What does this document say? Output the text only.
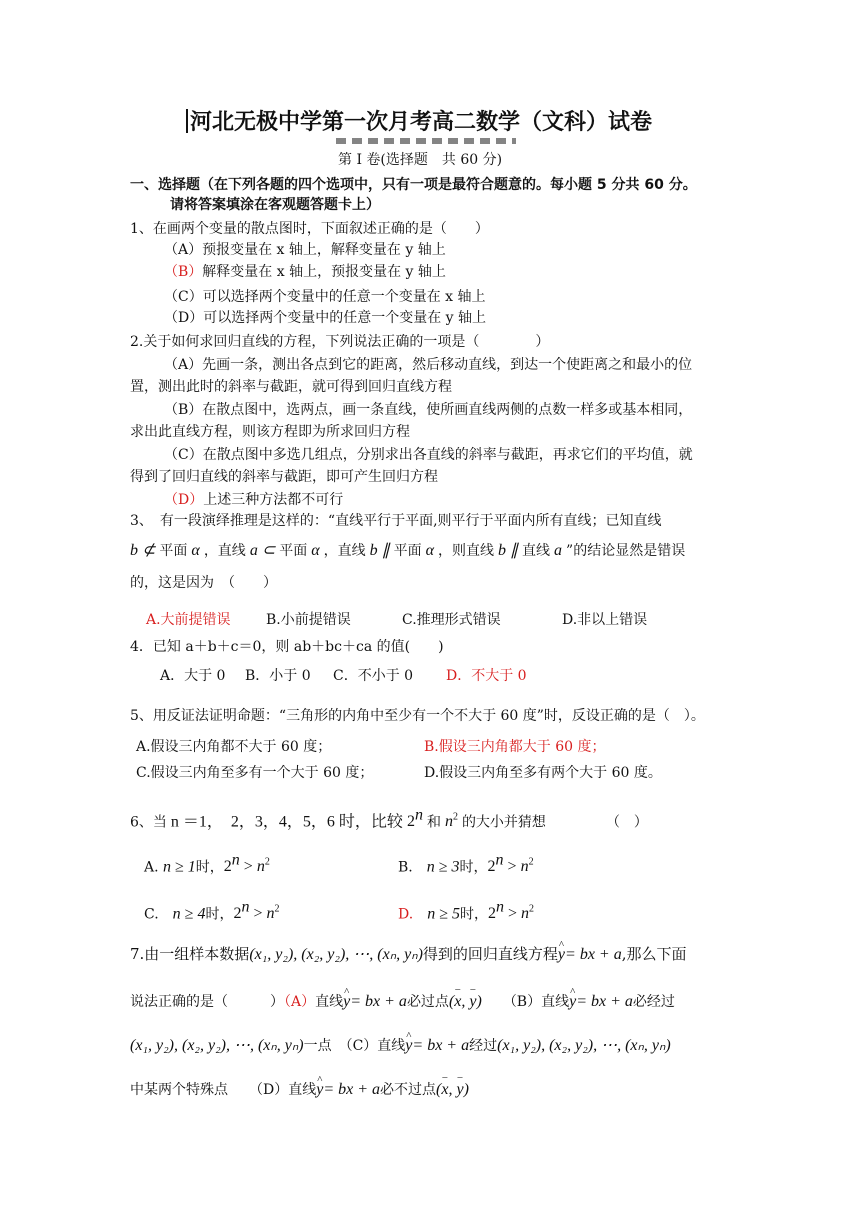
河北无极中学第一次月考高二数学（文科）试卷
第 I 卷(选择题　共 60 分)
一、选择题（在下列各题的四个选项中，只有一项是最符合题意的。每小题 5 分共 60 分。
请将答案填涂在客观题答题卡上）
1、在画两个变量的散点图时，下面叙述正确的是（　　）
（A）预报变量在 x 轴上，解释变量在 y 轴上
（B）解释变量在 x 轴上，预报变量在 y 轴上
（C）可以选择两个变量中的任意一个变量在 x 轴上
（D）可以选择两个变量中的任意一个变量在 y 轴上
2.关于如何求回归直线的方程，下列说法正确的一项是（　　　　）
（A）先画一条，测出各点到它的距离，然后移动直线，到达一个使距离之和最小的位
置，测出此时的斜率与截距，就可得到回归直线方程
（B）在散点图中，选两点，画一条直线，使所画直线两侧的点数一样多或基本相同，
求出此直线方程，则该方程即为所求回归方程
（C）在散点图中多选几组点，分别求出各直线的斜率与截距，再求它们的平均值，就
得到了回归直线的斜率与截距，即可产生回归方程
（D）上述三种方法都不可行
3、　有一段演绎推理是这样的：“直线平行于平面,则平行于平面内所有直线；已知直线
b ⊄ 平面 α ，直线 a ⊂ 平面 α ，直线 b ∥ 平面 α ，则直线 b ∥ 直线 a ”的结论显然是错误
的，这是因为　（　　）
A.大前提错误	B.小前提错误	C.推理形式错误	D.非以上错误
4．已知 a＋b＋c＝0，则 ab＋bc＋ca 的值(　　)
A．大于 0 B．小于 0 C．不小于 0 D．不大于 0
5、用反证法证明命题：“三角形的内角中至少有一个不大于 60 度”时，反设正确的是（　）。
A.假设三内角都不大于 60 度；	B.假设三内角都大于 60 度；
C.假设三内角至多有一个大于 60 度；	D.假设三内角至多有两个大于 60 度。
6、当 n ＝1，　2，3，4，5，6 时，比较 2$^n$ 和 $n^2$ 的大小并猜想	（　）
A. n ≥ 1时，$2^n > n^2$	B.　 n ≥ 3时，$2^n > n^2$
C.　 n ≥ 4时，$2^n > n^2$	D.　 n ≥ 5时，$2^n > n^2$
7.由一组样本数据(x₁, y₂), (x₂, y₂), ⋯, (xₙ, yₙ)得到的回归直线方程^ y= bx + a,那么下面
说法正确的是（　　　）（A）直线^ y= bx + a必过点(– x, – y)　　 （B）直线^ y= bx + a必经过
(x₁, y₂), (x₂, y₂), ⋯, (xₙ, yₙ)一点　（C）直线^ y= bx + a经过(x₁, y₂), (x₂, y₂), ⋯, (xₙ, yₙ)
中某两个特殊点　　 （D）直线^ y= bx + a必不过点(– x, – y)
